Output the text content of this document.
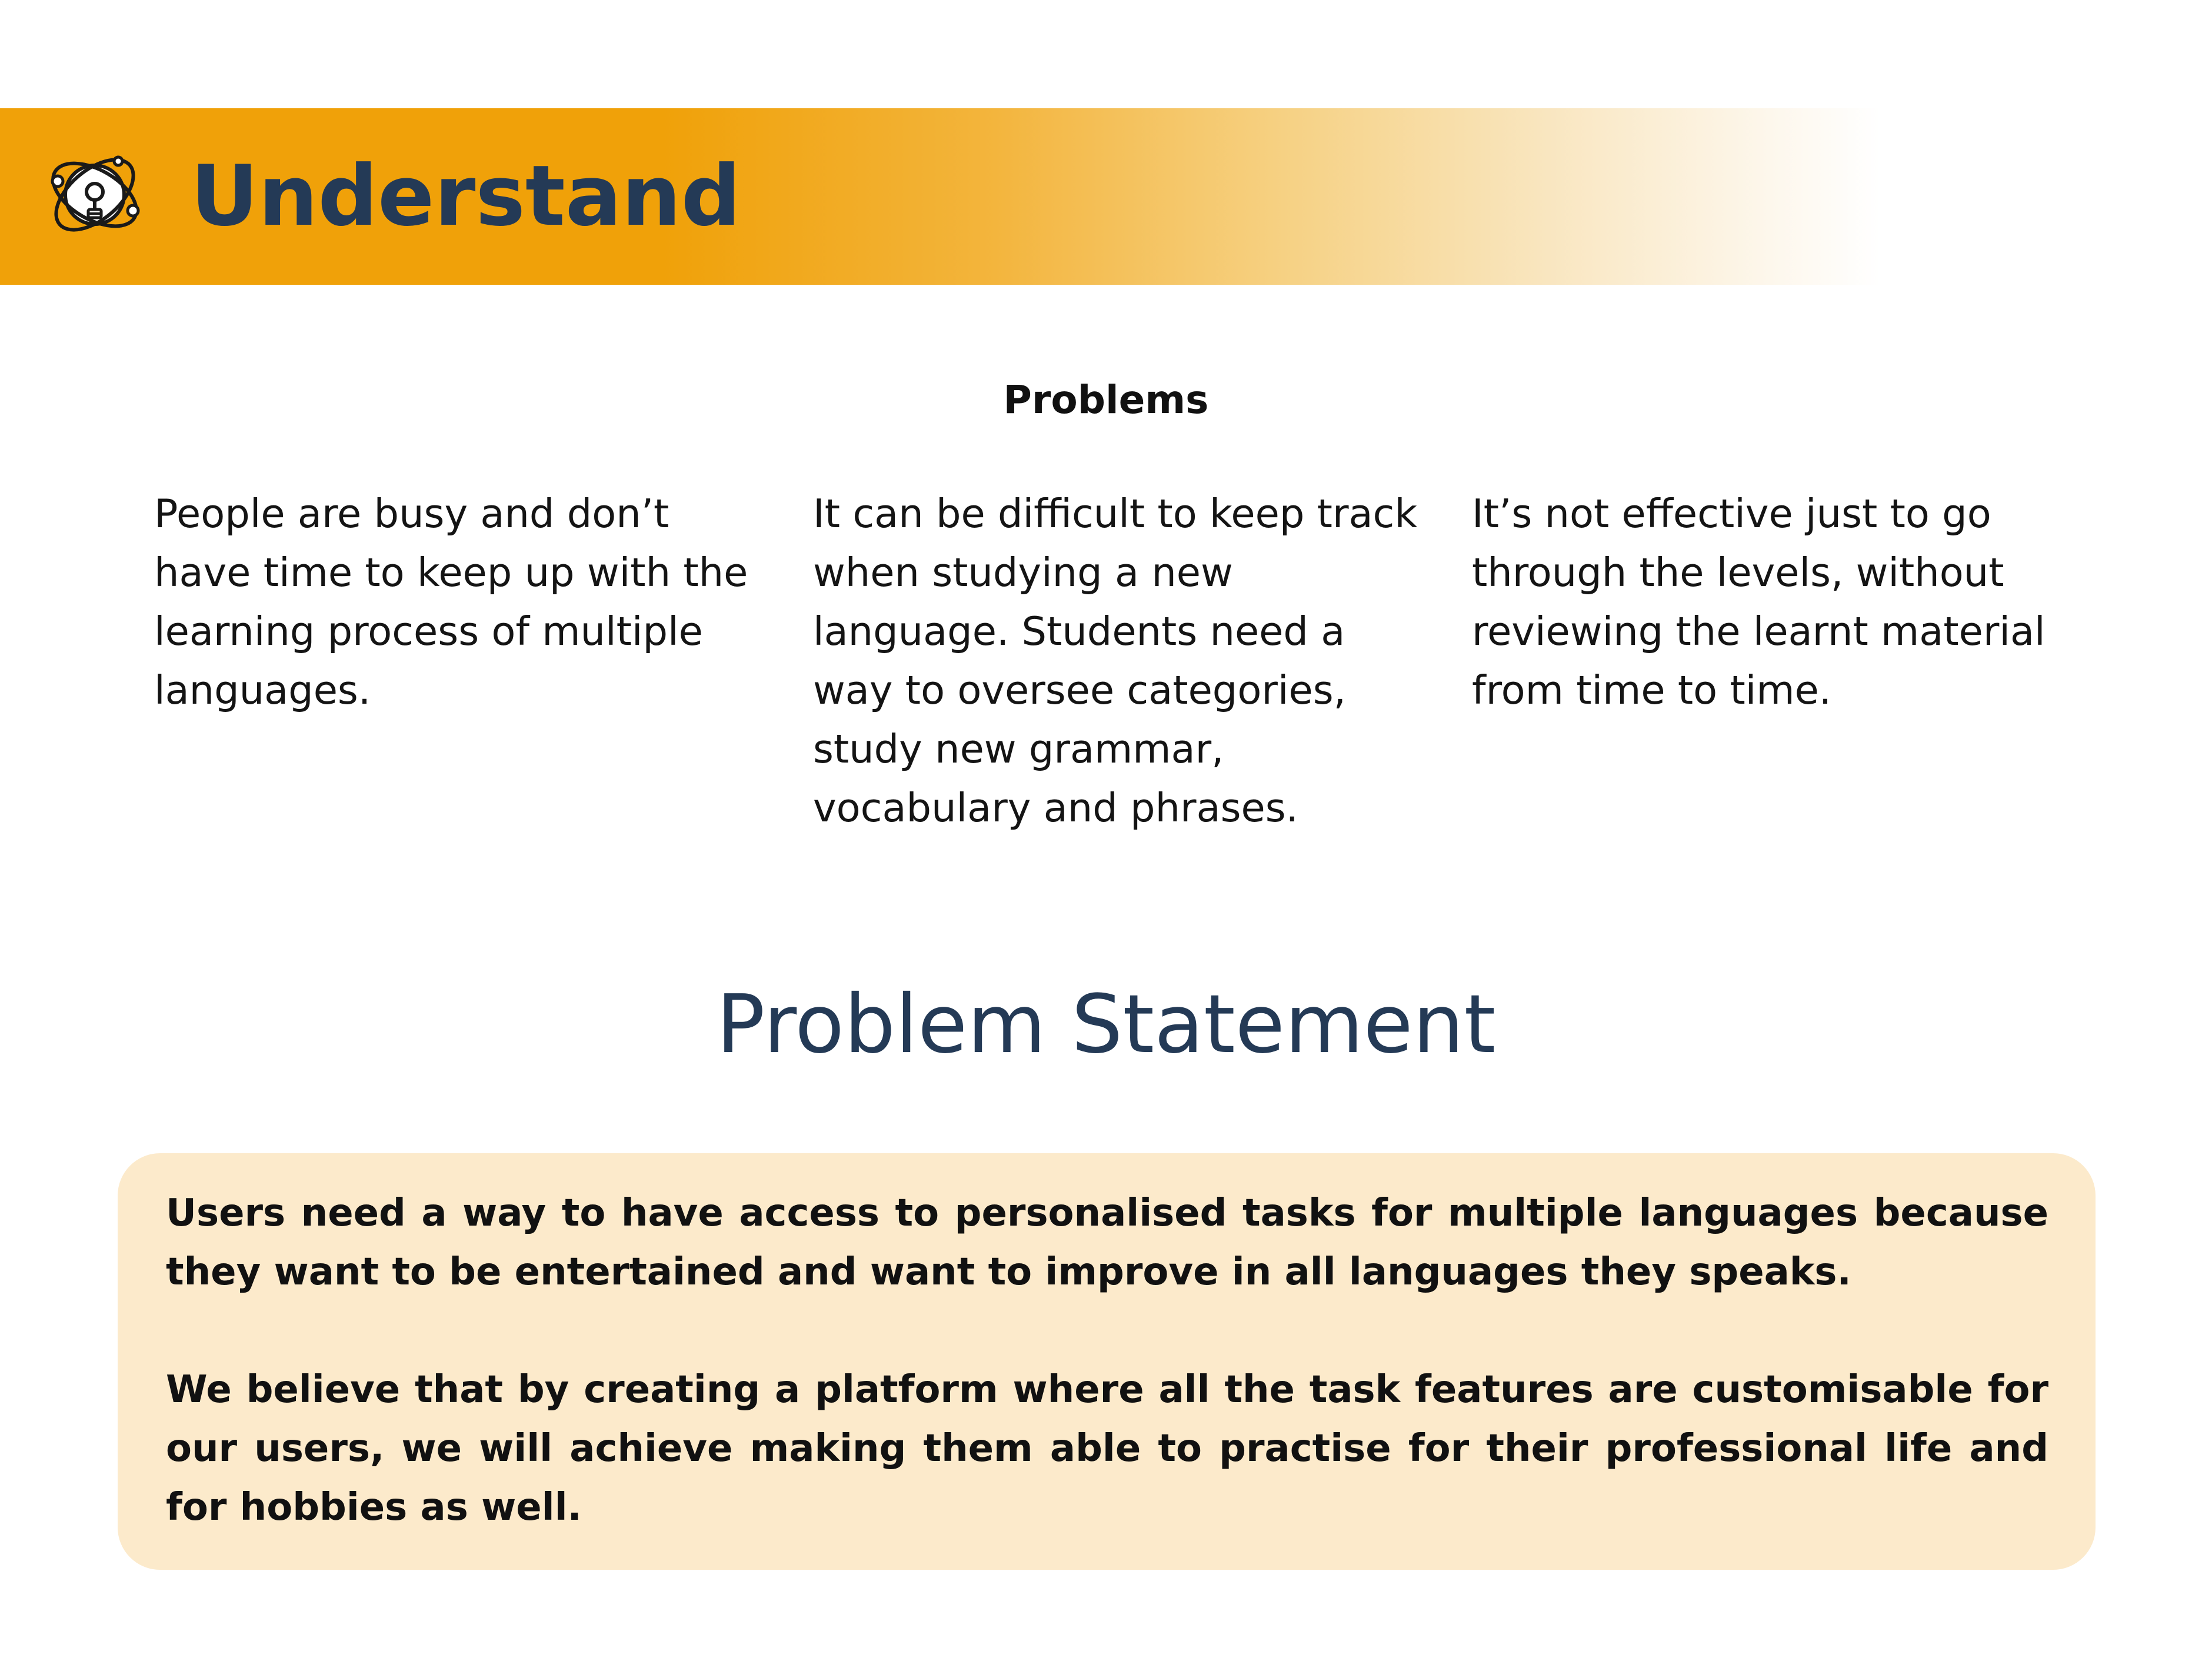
Understand
Problems
People are busy and don’t
have time to keep up with the
learning process of multiple
languages.
It can be difficult to keep track
when studying a new
language. Students need a
way to oversee categories,
study new grammar,
vocabulary and phrases.
It’s not effective just to go
through the levels, without
reviewing the learnt material
from time to time.
Problem Statement
Users need a way to have access to personalised tasks for multiple languages because they want to be entertained and want to improve in all languages they speaks.
We believe that by creating a platform where all the task features are customisable for our users, we will achieve making them able to practise for their professional life and for hobbies as well.
